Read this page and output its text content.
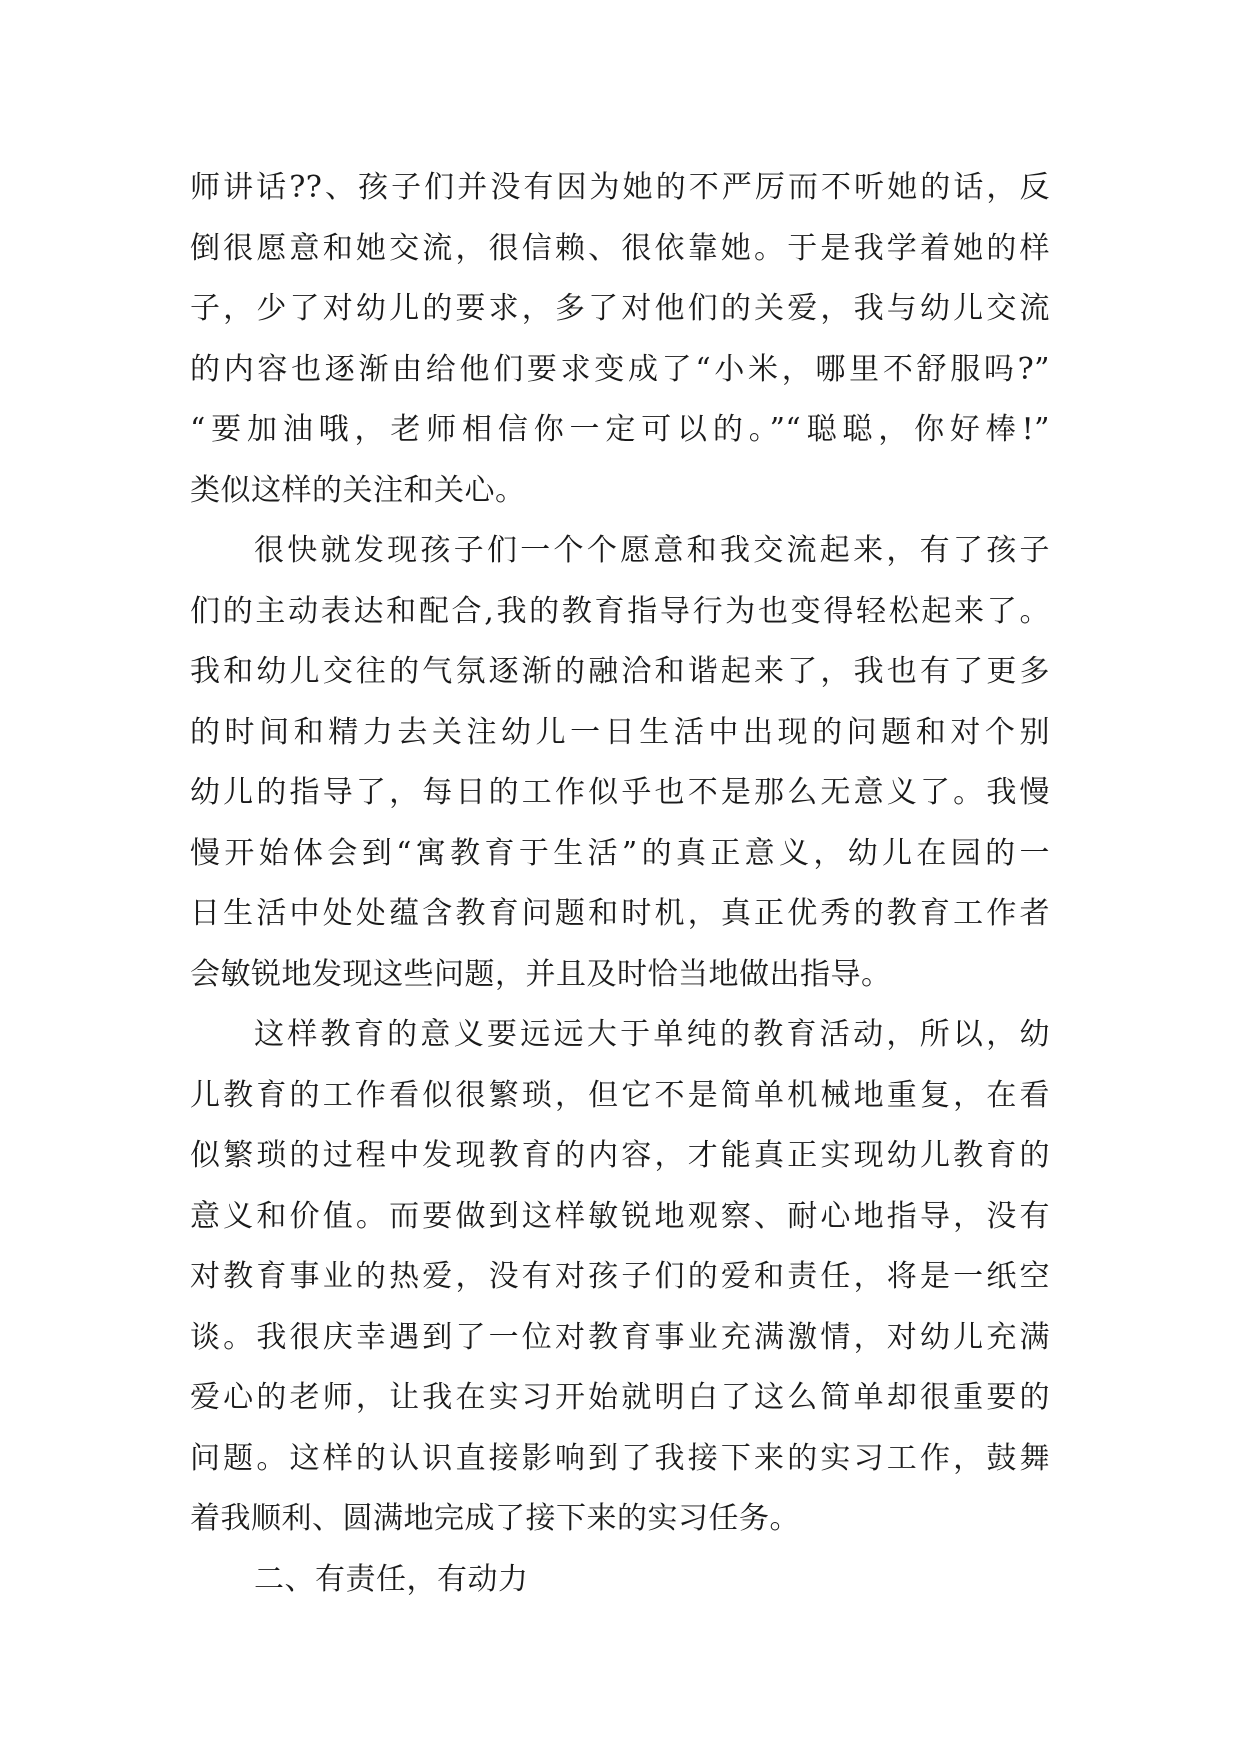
师讲话??、孩子们并没有因为她的不严厉而不听她的话，反
倒很愿意和她交流，很信赖、很依靠她。于是我学着她的样
子，少了对幼儿的要求，多了对他们的关爱，我与幼儿交流
的内容也逐渐由给他们要求变成了“小米，哪里不舒服吗?”
“要加油哦，老师相信你一定可以的。”“聪聪，你好棒!”
类似这样的关注和关心。
很快就发现孩子们一个个愿意和我交流起来，有了孩子
们的主动表达和配合,我的教育指导行为也变得轻松起来了。
我和幼儿交往的气氛逐渐的融洽和谐起来了，我也有了更多
的时间和精力去关注幼儿一日生活中出现的问题和对个别
幼儿的指导了，每日的工作似乎也不是那么无意义了。我慢
慢开始体会到“寓教育于生活”的真正意义，幼儿在园的一
日生活中处处蕴含教育问题和时机，真正优秀的教育工作者
会敏锐地发现这些问题，并且及时恰当地做出指导。
这样教育的意义要远远大于单纯的教育活动，所以，幼
儿教育的工作看似很繁琐，但它不是简单机械地重复，在看
似繁琐的过程中发现教育的内容，才能真正实现幼儿教育的
意义和价值。而要做到这样敏锐地观察、耐心地指导，没有
对教育事业的热爱，没有对孩子们的爱和责任，将是一纸空
谈。我很庆幸遇到了一位对教育事业充满激情，对幼儿充满
爱心的老师，让我在实习开始就明白了这么简单却很重要的
问题。这样的认识直接影响到了我接下来的实习工作，鼓舞
着我顺利、圆满地完成了接下来的实习任务。
二、有责任，有动力
